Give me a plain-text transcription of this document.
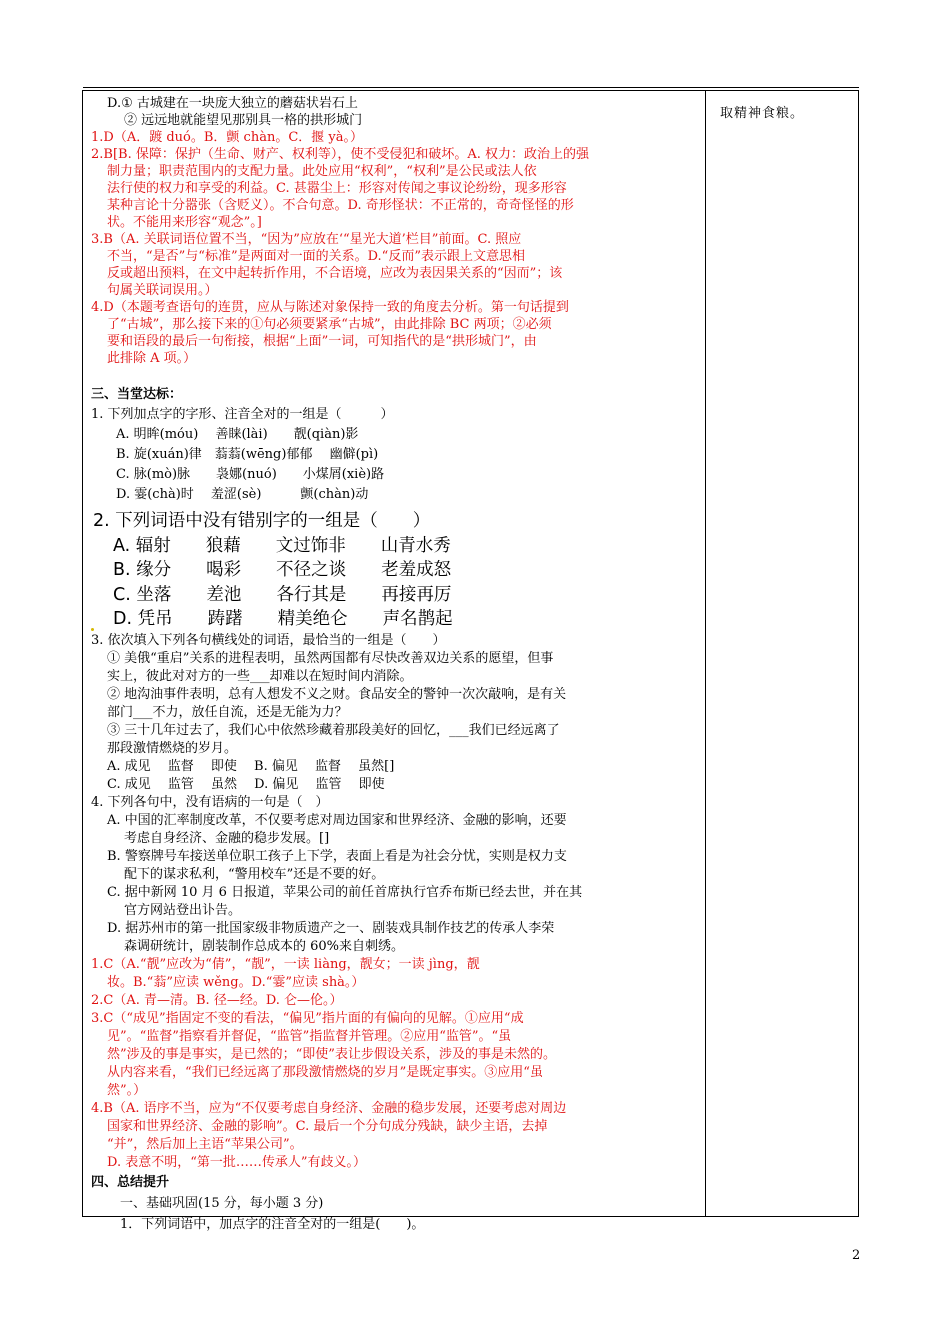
取精神食粮。
D.① 古城建在一块庞大独立的蘑菇状岩石上
② 远远地就能望见那别具一格的拱形城门
1.D（A．踱 duó。B．颤 chàn。C．揠 yà。）
2.B[B. 保障：保护（生命、财产、权利等），使不受侵犯和破坏。A. 权力：政治上的强
制力量；职责范围内的支配力量。此处应用“权利”，“权利”是公民或法人依
法行使的权力和享受的利益。C. 甚嚣尘上：形容对传闻之事议论纷纷，现多形容
某种言论十分嚣张（含贬义）。不合句意。D. 奇形怪状：不正常的，奇奇怪怪的形
状。不能用来形容“观念”。]
3.B（A. 关联词语位置不当，“因为”应放在‘“星光大道’栏目”前面。C. 照应
不当，“是否”与“标准”是两面对一面的关系。D.“反而”表示跟上文意思相
反或超出预料，在文中起转折作用，不合语境，应改为表因果关系的“因而”；该
句属关联词误用。）
4.D（本题考查语句的连贯，应从与陈述对象保持一致的角度去分析。第一句话提到
了“古城”，那么接下来的①句必须要紧承“古城”，由此排除 BC 两项；②必须
要和语段的最后一句衔接，根据“上面”一词，可知指代的是“拱形城门”，由
此排除 A 项。）
三、当堂达标：
1. 下列加点字的字形、注音全对的一组是（　　　）
A. 明眸(móu)　 善睐(lài)　　靓(qiàn)影
B. 旋(xuán)律　蓊蓊(wēng)郁郁　 幽僻(pì)
C. 脉(mò)脉　　袅娜(nuó)　　小煤屑(xiè)路
D. 霎(chà)时　 羞涩(sè)　　　颤(chàn)动
2. 下列词语中没有错别字的一组是（　　）
A. 辐射　　狼藉　　文过饰非　　山青水秀
B. 缘分　　喝彩　　不径之谈　　老羞成怒
C. 坐落　　差池　　各行其是　　再接再厉
D. 凭吊　　踌躇　　精美绝仑　　声名鹊起
3. 依次填入下列各句横线处的词语，最恰当的一组是（　　）
① 美俄“重启”关系的进程表明，虽然两国都有尽快改善双边关系的愿望，但事
实上，彼此对对方的一些___却难以在短时间内消除。
② 地沟油事件表明，总有人想发不义之财。食品安全的警钟一次次敲响，是有关
部门___不力，放任自流，还是无能为力？
③ 三十几年过去了，我们心中依然珍藏着那段美好的回忆，___我们已经远离了
那段激情燃烧的岁月。
A. 成见　 监督　 即使　 B. 偏见　 监督　 虽然[]
C. 成见　 监管　 虽然　 D. 偏见　 监管　 即使
4. 下列各句中，没有语病的一句是（　）
A. 中国的汇率制度改革，不仅要考虑对周边国家和世界经济、金融的影响，还要
考虑自身经济、金融的稳步发展。[]
B. 警察牌号车接送单位职工孩子上下学，表面上看是为社会分忧，实则是权力支
配下的谋求私利，“警用校车”还是不要的好。
C. 据中新网 10 月 6 日报道，苹果公司的前任首席执行官乔布斯已经去世，并在其
官方网站登出讣告。
D. 据苏州市的第一批国家级非物质遗产之一、剧装戏具制作技艺的传承人李荣
森调研统计，剧装制作总成本的 60%来自刺绣。
1.C（A.“靓”应改为“倩”，“靓”，一读 liàng，靓女；一读 jìng，靓
妆。B.“蓊”应读 wěng。D.“霎”应读 shà。）
2.C（A. 青—清。B. 径—经。D. 仑—伦。）
3.C（“成见”指固定不变的看法，“偏见”指片面的有偏向的见解。①应用“成
见”。“监督”指察看并督促，“监管”指监督并管理。②应用“监管”。“虽
然”涉及的事是事实，是已然的；“即使”表让步假设关系，涉及的事是未然的。
从内容来看，“我们已经远离了那段激情燃烧的岁月”是既定事实。③应用“虽
然”。）
4.B（A. 语序不当，应为“不仅要考虑自身经济、金融的稳步发展，还要考虑对周边
国家和世界经济、金融的影响”。C. 最后一个分句成分残缺，缺少主语，去掉
“并”，然后加上主语“苹果公司”。
D. 表意不明，“第一批……传承人”有歧义。）
四、总结提升
一、基础巩固(15 分，每小题 3 分)
1．下列词语中，加点字的注音全对的一组是(　　)。
2
